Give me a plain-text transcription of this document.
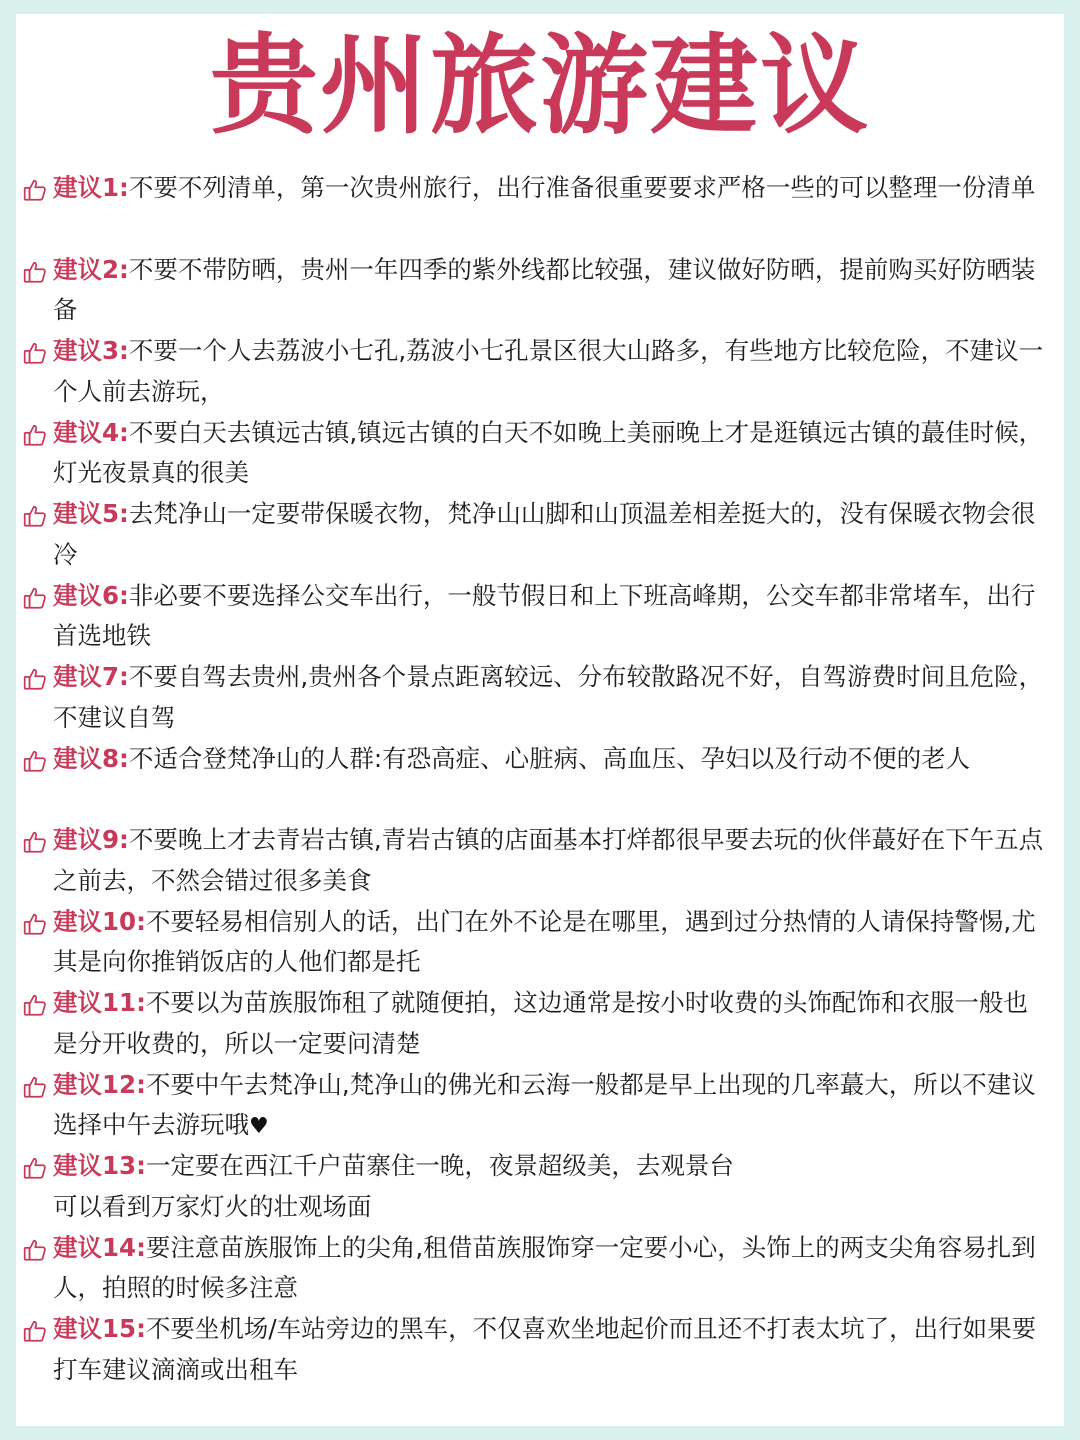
贵州旅游建议
建议1:不要不列清单，第一次贵州旅行，出行准备很重要要求严格一些的可以整理一份清单
建议2:不要不带防晒，贵州一年四季的紫外线都比较强，建议做好防晒，提前购买好防晒装备
建议3:不要一个人去荔波小七孔,荔波小七孔景区很大山路多，有些地方比较危险，不建议一个人前去游玩，
建议4:不要白天去镇远古镇,镇远古镇的白天不如晚上美丽晚上才是逛镇远古镇的蕞佳时候，灯光夜景真的很美
建议5:去梵净山一定要带保暖衣物，梵净山山脚和山顶温差相差挺大的，没有保暖衣物会很冷
建议6:非必要不要选择公交车出行，一般节假日和上下班高峰期，公交车都非常堵车，出行首选地铁
建议7:不要自驾去贵州,贵州各个景点距离较远、分布较散路况不好，自驾游费时间且危险，不建议自驾
建议8:不适合登梵净山的人群:有恐高症、心脏病、高血压、孕妇以及行动不便的老人
建议9:不要晚上才去青岩古镇,青岩古镇的店面基本打烊都很早要去玩的伙伴蕞好在下午五点之前去，不然会错过很多美食
建议10:不要轻易相信别人的话，出门在外不论是在哪里，遇到过分热情的人请保持警惕,尤其是向你推销饭店的人他们都是托
建议11:不要以为苗族服饰租了就随便拍，这边通常是按小时收费的头饰配饰和衣服一般也是分开收费的，所以一定要问清楚
建议12:不要中午去梵净山,梵净山的佛光和云海一般都是早上出现的几率蕞大，所以不建议选择中午去游玩哦♥
建议13:一定要在西江千户苗寨住一晚，夜景超级美，去观景台
可以看到万家灯火的壮观场面
建议14:要注意苗族服饰上的尖角,租借苗族服饰穿一定要小心，头饰上的两支尖角容易扎到人，拍照的时候多注意
建议15:不要坐机场/车站旁边的黑车，不仅喜欢坐地起价而且还不打表太坑了，出行如果要打车建议滴滴或出租车
